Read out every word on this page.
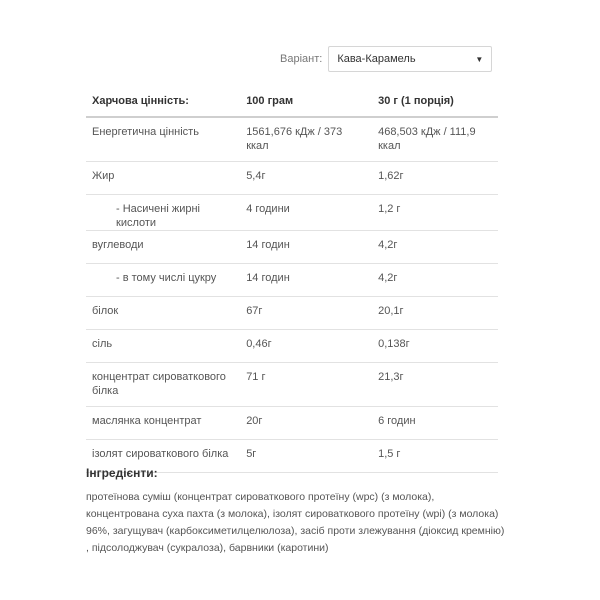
Варіант: Кава-Карамель	▼
Харчова цінність:	100 грам	30 г (1 порція)
Енергетична цінність	1561,676 кДж / 373 ккал	468,503 кДж / 111,9 ккал
Жир	5,4г	1,62г
- Насичені жирні кислоти	4 години	1,2 г
вуглеводи	14 годин	4,2г
- в тому числі цукру	14 годин	4,2г
білок	67г	20,1г
сіль	0,46г	0,138г
концентрат сироваткового білка	71 г	21,3г
маслянка концентрат	20г	6 годин
ізолят сироваткового білка	5г	1,5 г
Інгредієнти:
протеїнова суміш (концентрат сироваткового протеїну (wpc) (з молока), концентрована суха пахта (з молока), ізолят сироваткового протеїну (wpi) (з молока) 96%, загущувач (карбоксиметилцелюлоза), засіб проти злежування (діоксид кремнію) , підсолоджувач (сукралоза), барвники (каротини)
